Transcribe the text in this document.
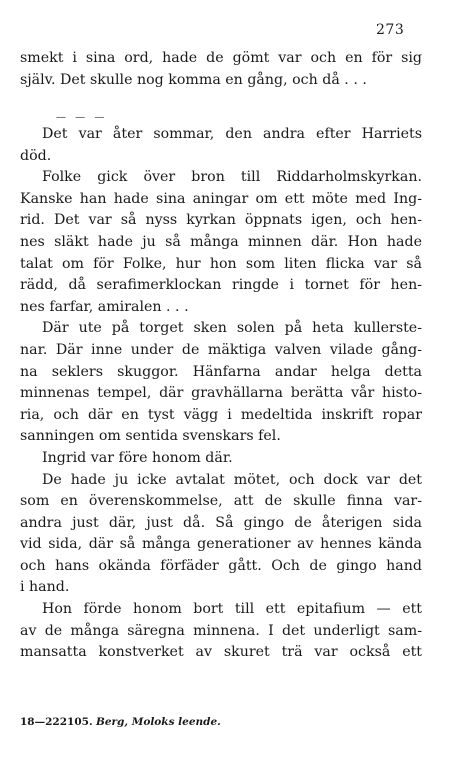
273
smekt i sina ord, hade de gömt var och en för sig
själv. Det skulle nog komma en gång, och då . . .
— — —
Det var åter sommar, den andra efter Harriets
död.
Folke gick över bron till Riddarholmskyrkan.
Kanske han hade sina aningar om ett möte med Ing-
rid. Det var så nyss kyrkan öppnats igen, och hen-
nes släkt hade ju så många minnen där. Hon hade
talat om för Folke, hur hon som liten flicka var så
rädd, då serafimerklockan ringde i tornet för hen-
nes farfar, amiralen . . .
Där ute på torget sken solen på heta kullerste-
nar. Där inne under de mäktiga valven vilade gång-
na seklers skuggor. Hänfarna andar helga detta
minnenas tempel, där gravhällarna berätta vår histo-
ria, och där en tyst vägg i medeltida inskrift ropar
sanningen om sentida svenskars fel.
Ingrid var före honom där.
De hade ju icke avtalat mötet, och dock var det
som en överenskommelse, att de skulle finna var-
andra just där, just då. Så gingo de återigen sida
vid sida, där så många generationer av hennes kända
och hans okända förfäder gått. Och de gingo hand
i hand.
Hon förde honom bort till ett epitafium — ett
av de många säregna minnena. I det underligt sam-
mansatta konstverket av skuret trä var också ett
18—222105. Berg, Moloks leende.
